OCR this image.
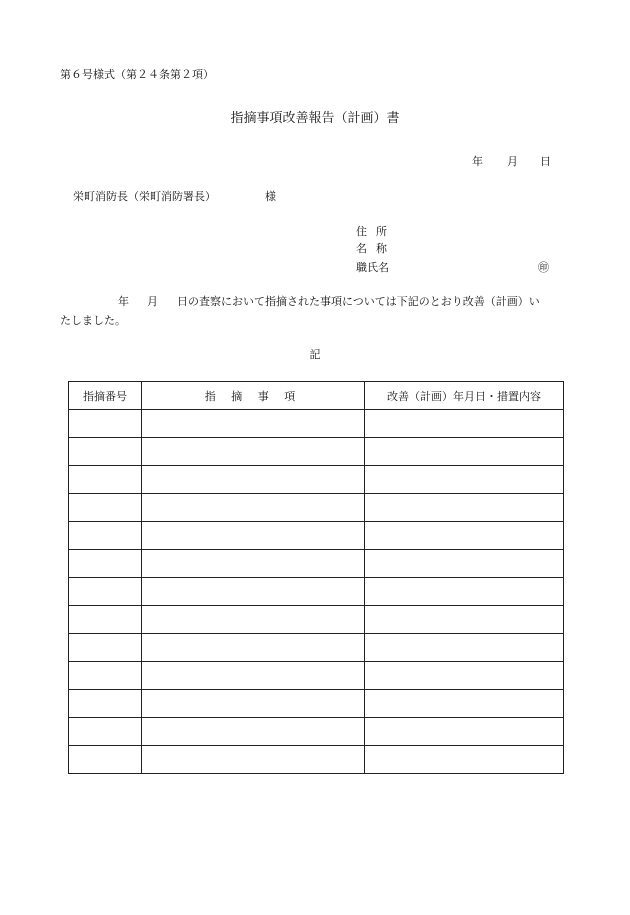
第６号様式（第２４条第２項）
指摘事項改善報告（計画）書
年 月 日
栄町消防長（栄町消防署長）	様
住所
名称
職氏名	㊞
年 月 日の査察において指摘された事項については下記のとおり改善（計画）い
たしました。
記
指摘番号	指 摘 事 項	改善（計画）年月日・措置内容
